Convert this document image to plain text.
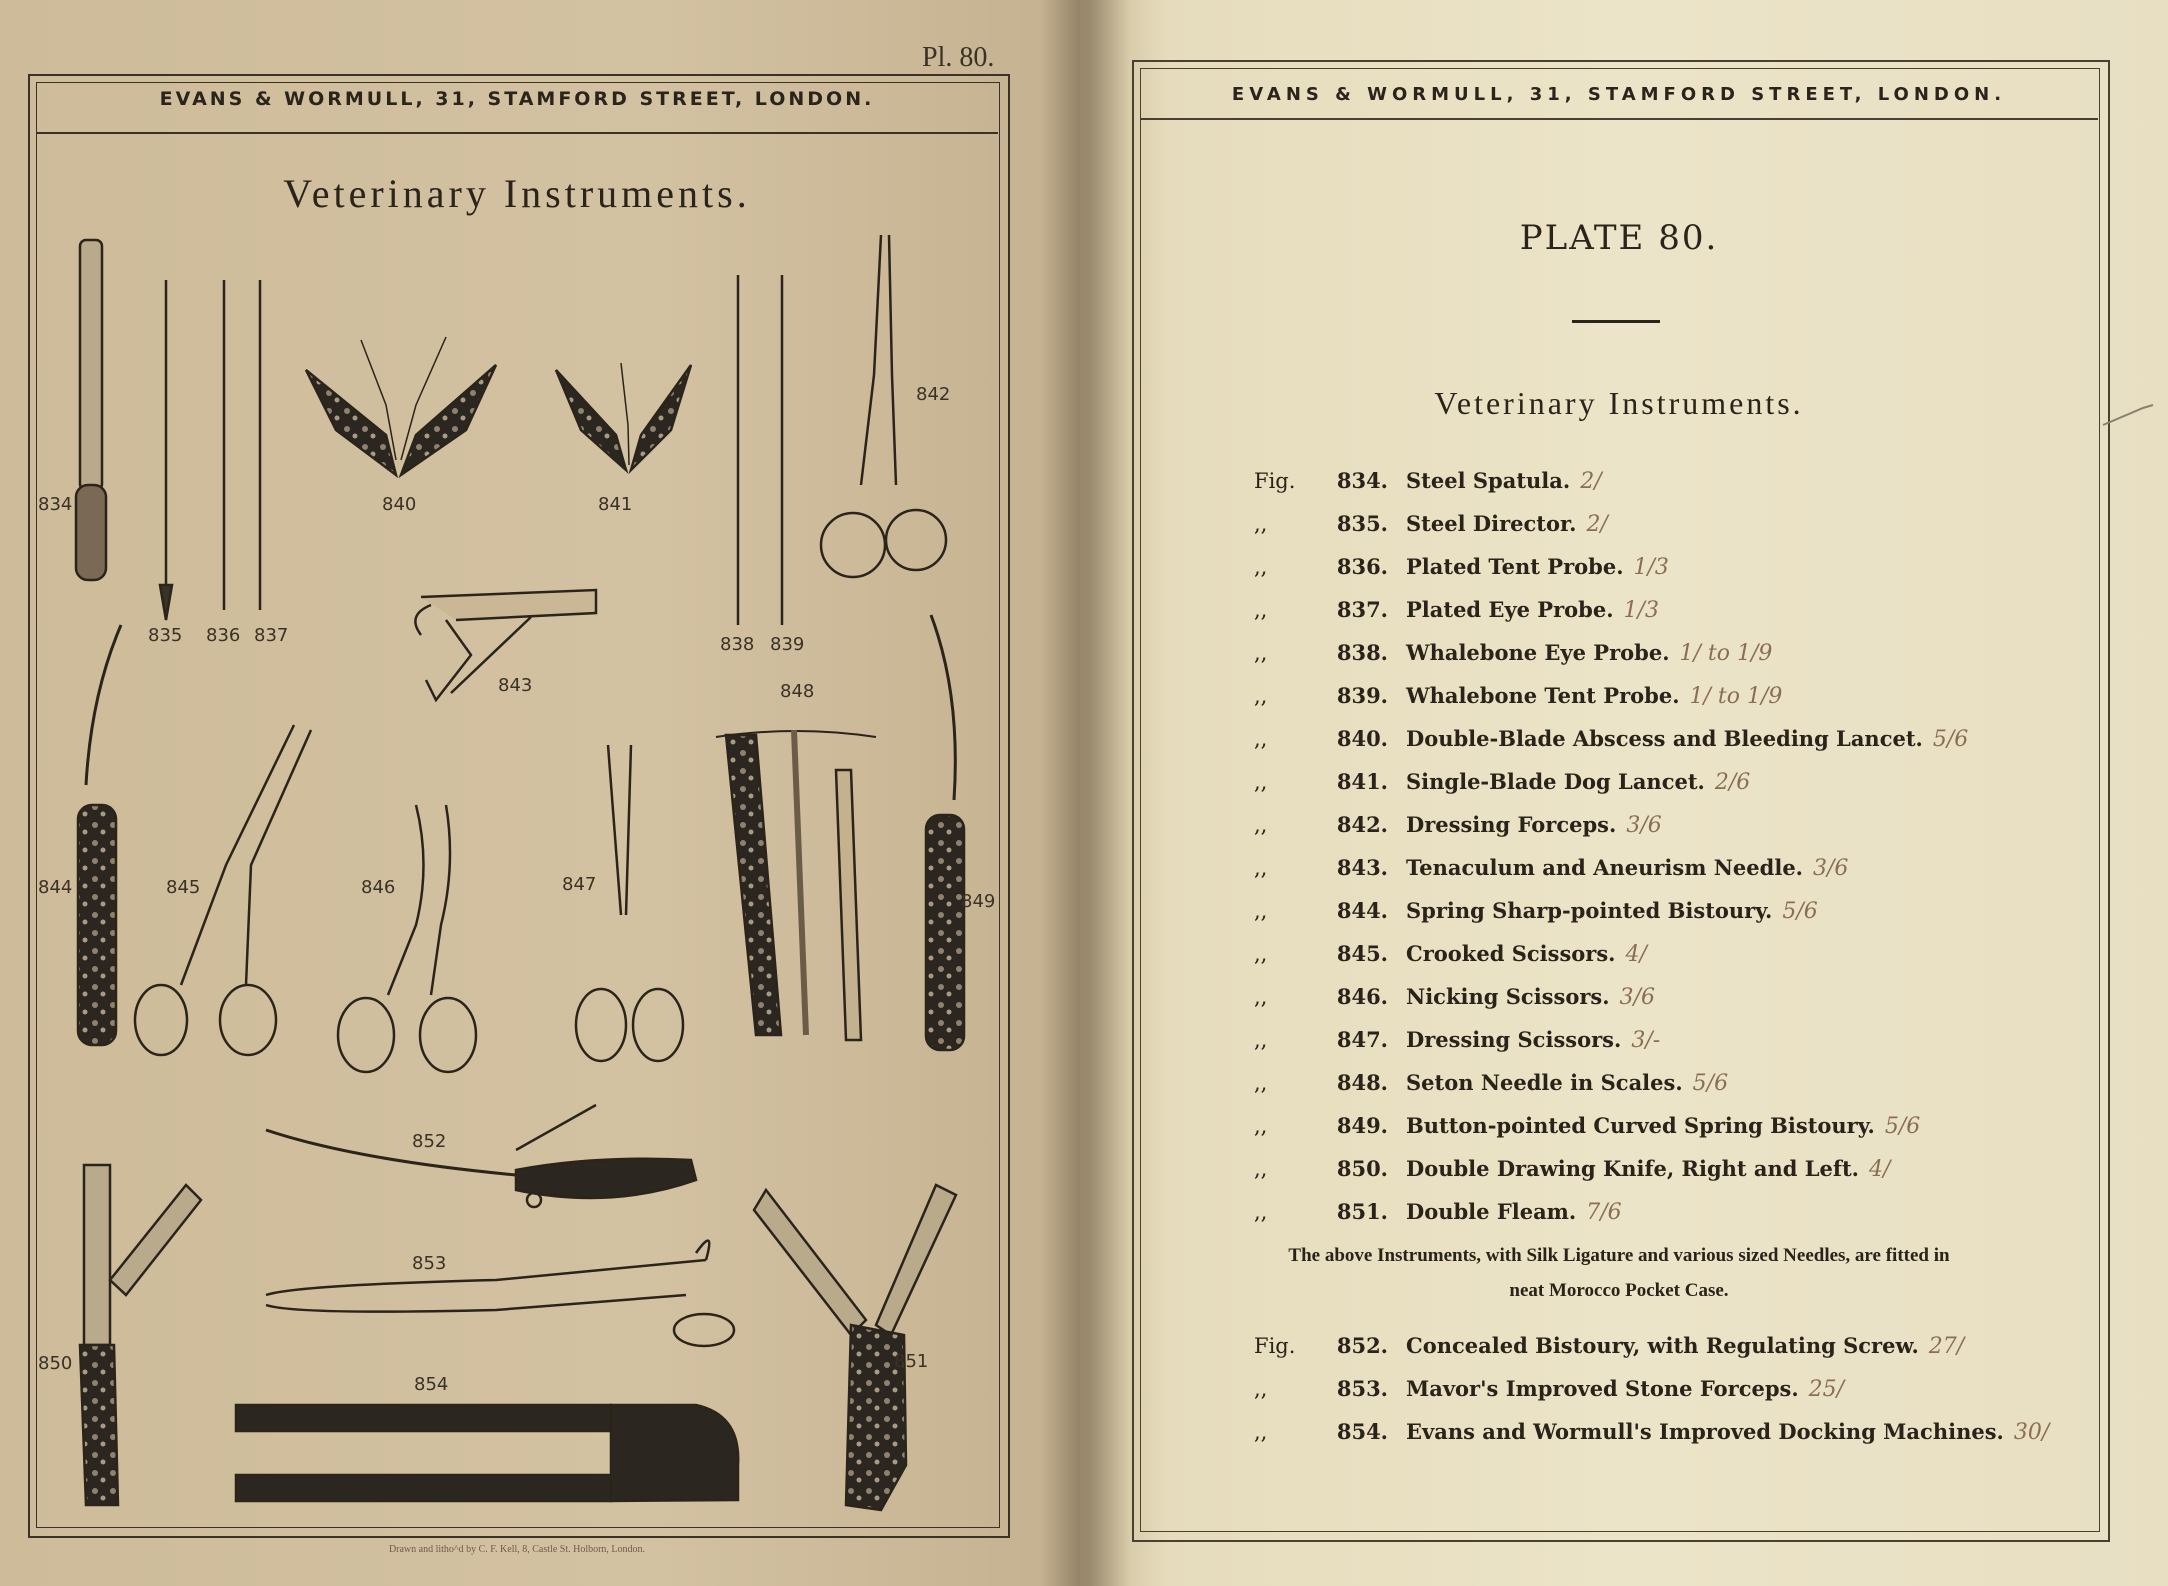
Pl. 80.
EVANS & WORMULL, 31, STAMFORD STREET, LONDON.
Veterinary Instruments.
834
835 836 837	838 839
840	841
842
843
844	845	846	847
848
849
850	851
852
853
854
Drawn and litho^d by C. F. Kell, 8, Castle St. Holborn, London.
EVANS & WORMULL, 31, STAMFORD STREET, LONDON.
PLATE 80.
Veterinary Instruments.
Fig. 834. Steel Spatula. 2/
,,	835. Steel Director. 2/
,,	836. Plated Tent Probe. 1/3
,,	837. Plated Eye Probe. 1/3
,,	838. Whalebone Eye Probe. 1/ to 1/9
,,	839. Whalebone Tent Probe. 1/ to 1/9
,,	840. Double-Blade Abscess and Bleeding Lancet. 5/6
,,	841. Single-Blade Dog Lancet. 2/6
,,	842. Dressing Forceps. 3/6
,,	843. Tenaculum and Aneurism Needle. 3/6
,,	844. Spring Sharp-pointed Bistoury. 5/6
,,	845. Crooked Scissors. 4/
,,	846. Nicking Scissors. 3/6
,,	847. Dressing Scissors. 3/-
,,	848. Seton Needle in Scales. 5/6
,,	849. Button-pointed Curved Spring Bistoury. 5/6
,,	850. Double Drawing Knife, Right and Left. 4/
,,	851. Double Fleam. 7/6
The above Instruments, with Silk Ligature and various sized Needles, are fitted in
neat Morocco Pocket Case.
Fig. 852. Concealed Bistoury, with Regulating Screw. 27/
,,	853. Mavor's Improved Stone Forceps. 25/
,,	854. Evans and Wormull's Improved Docking Machines. 30/
